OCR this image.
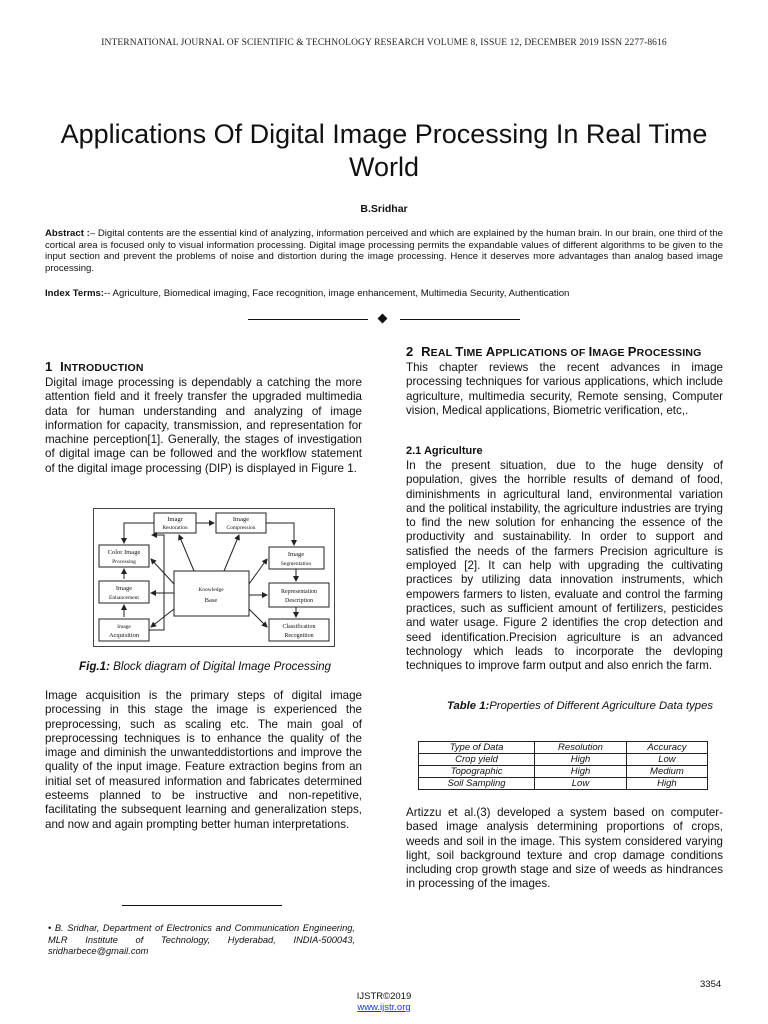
INTERNATIONAL JOURNAL OF SCIENTIFIC & TECHNOLOGY RESEARCH VOLUME 8, ISSUE 12, DECEMBER 2019 ISSN 2277-8616
Applications Of Digital Image Processing In Real Time World
B.Sridhar
Abstract :– Digital contents are the essential kind of analyzing, information perceived and which are explained by the human brain. In our brain, one third of the cortical area is focused only to visual information processing. Digital image processing permits the expandable values of different algorithms to be given to the input section and prevent the problems of noise and distortion during the image processing. Hence it deserves more advantages than analog based image processing.
Index Terms:-- Agriculture, Biomedical imaging, Face recognition, image enhancement, Multimedia Security, Authentication
1 INTRODUCTION
Digital image processing is dependably a catching the more attention field and it freely transfer the upgraded multimedia data for human understanding and analyzing of image information for capacity, transmission, and representation for machine perception[1]. Generally, the stages of investigation of digital image can be followed and the workflow statement of the digital image processing (DIP) is displayed in Figure 1.
Imagr
Restoration
Image
Compression
Color Image
Processing
Image
Segmentation
Image
Enhancement
Knowledge
Base
Representation
Description
Image
Acquisition
Classification
Recognition
Fig.1: Block diagram of Digital Image Processing
Image acquisition is the primary steps of digital image processing in this stage the image is experienced the preprocessing, such as scaling etc. The main goal of preprocessing techniques is to enhance the quality of the image and diminish the unwanteddistortions and improve the quality of the input image. Feature extraction begins from an initial set of measured information and fabricates determined esteems planned to be instructive and non-repetitive, facilitating the subsequent learning and generalization steps, and now and again prompting better human interpretations.
• B. Sridhar, Department of Electronics and Communication Engineering, MLR Institute of Technology, Hyderabad, INDIA-500043, sridharbece@gmail.com
2 REAL TIME APPLICATIONS OF IMAGE PROCESSING
This chapter reviews the recent advances in image processing techniques for various applications, which include agriculture, multimedia security, Remote sensing, Computer vision, Medical applications, Biometric verification, etc,.
2.1 Agriculture
In the present situation, due to the huge density of population, gives the horrible results of demand of food, diminishments in agricultural land, environmental variation and the political instability, the agriculture industries are trying to find the new solution for enhancing the essence of the productivity and sustainability. In order to support and satisfied the needs of the farmers Precision agriculture is employed [2]. It can help with upgrading the cultivating practices by utilizing data innovation instruments, which empowers farmers to listen, evaluate and control the farming practices, such as sufficient amount of fertilizers, pesticides and water usage. Figure 2 identifies the crop detection and seed identification.Precision agriculture is an advanced technology which leads to incorporate the devloping techniques to improve farm output and also enrich the farm.
Table 1:Properties of Different Agriculture Data types
Type of Data	Resolution	Accuracy
Crop yield	High	Low
Topographic	High	Medium
Soil Sampling	Low	High
Artizzu et al.(3) developed a system based on computer-based image analysis determining proportions of crops, weeds and soil in the image. This system considered varying light, soil background texture and crop damage conditions including crop growth stage and size of weeds as hindrances in processing of the images.
3354
IJSTR©2019
www.ijstr.org
